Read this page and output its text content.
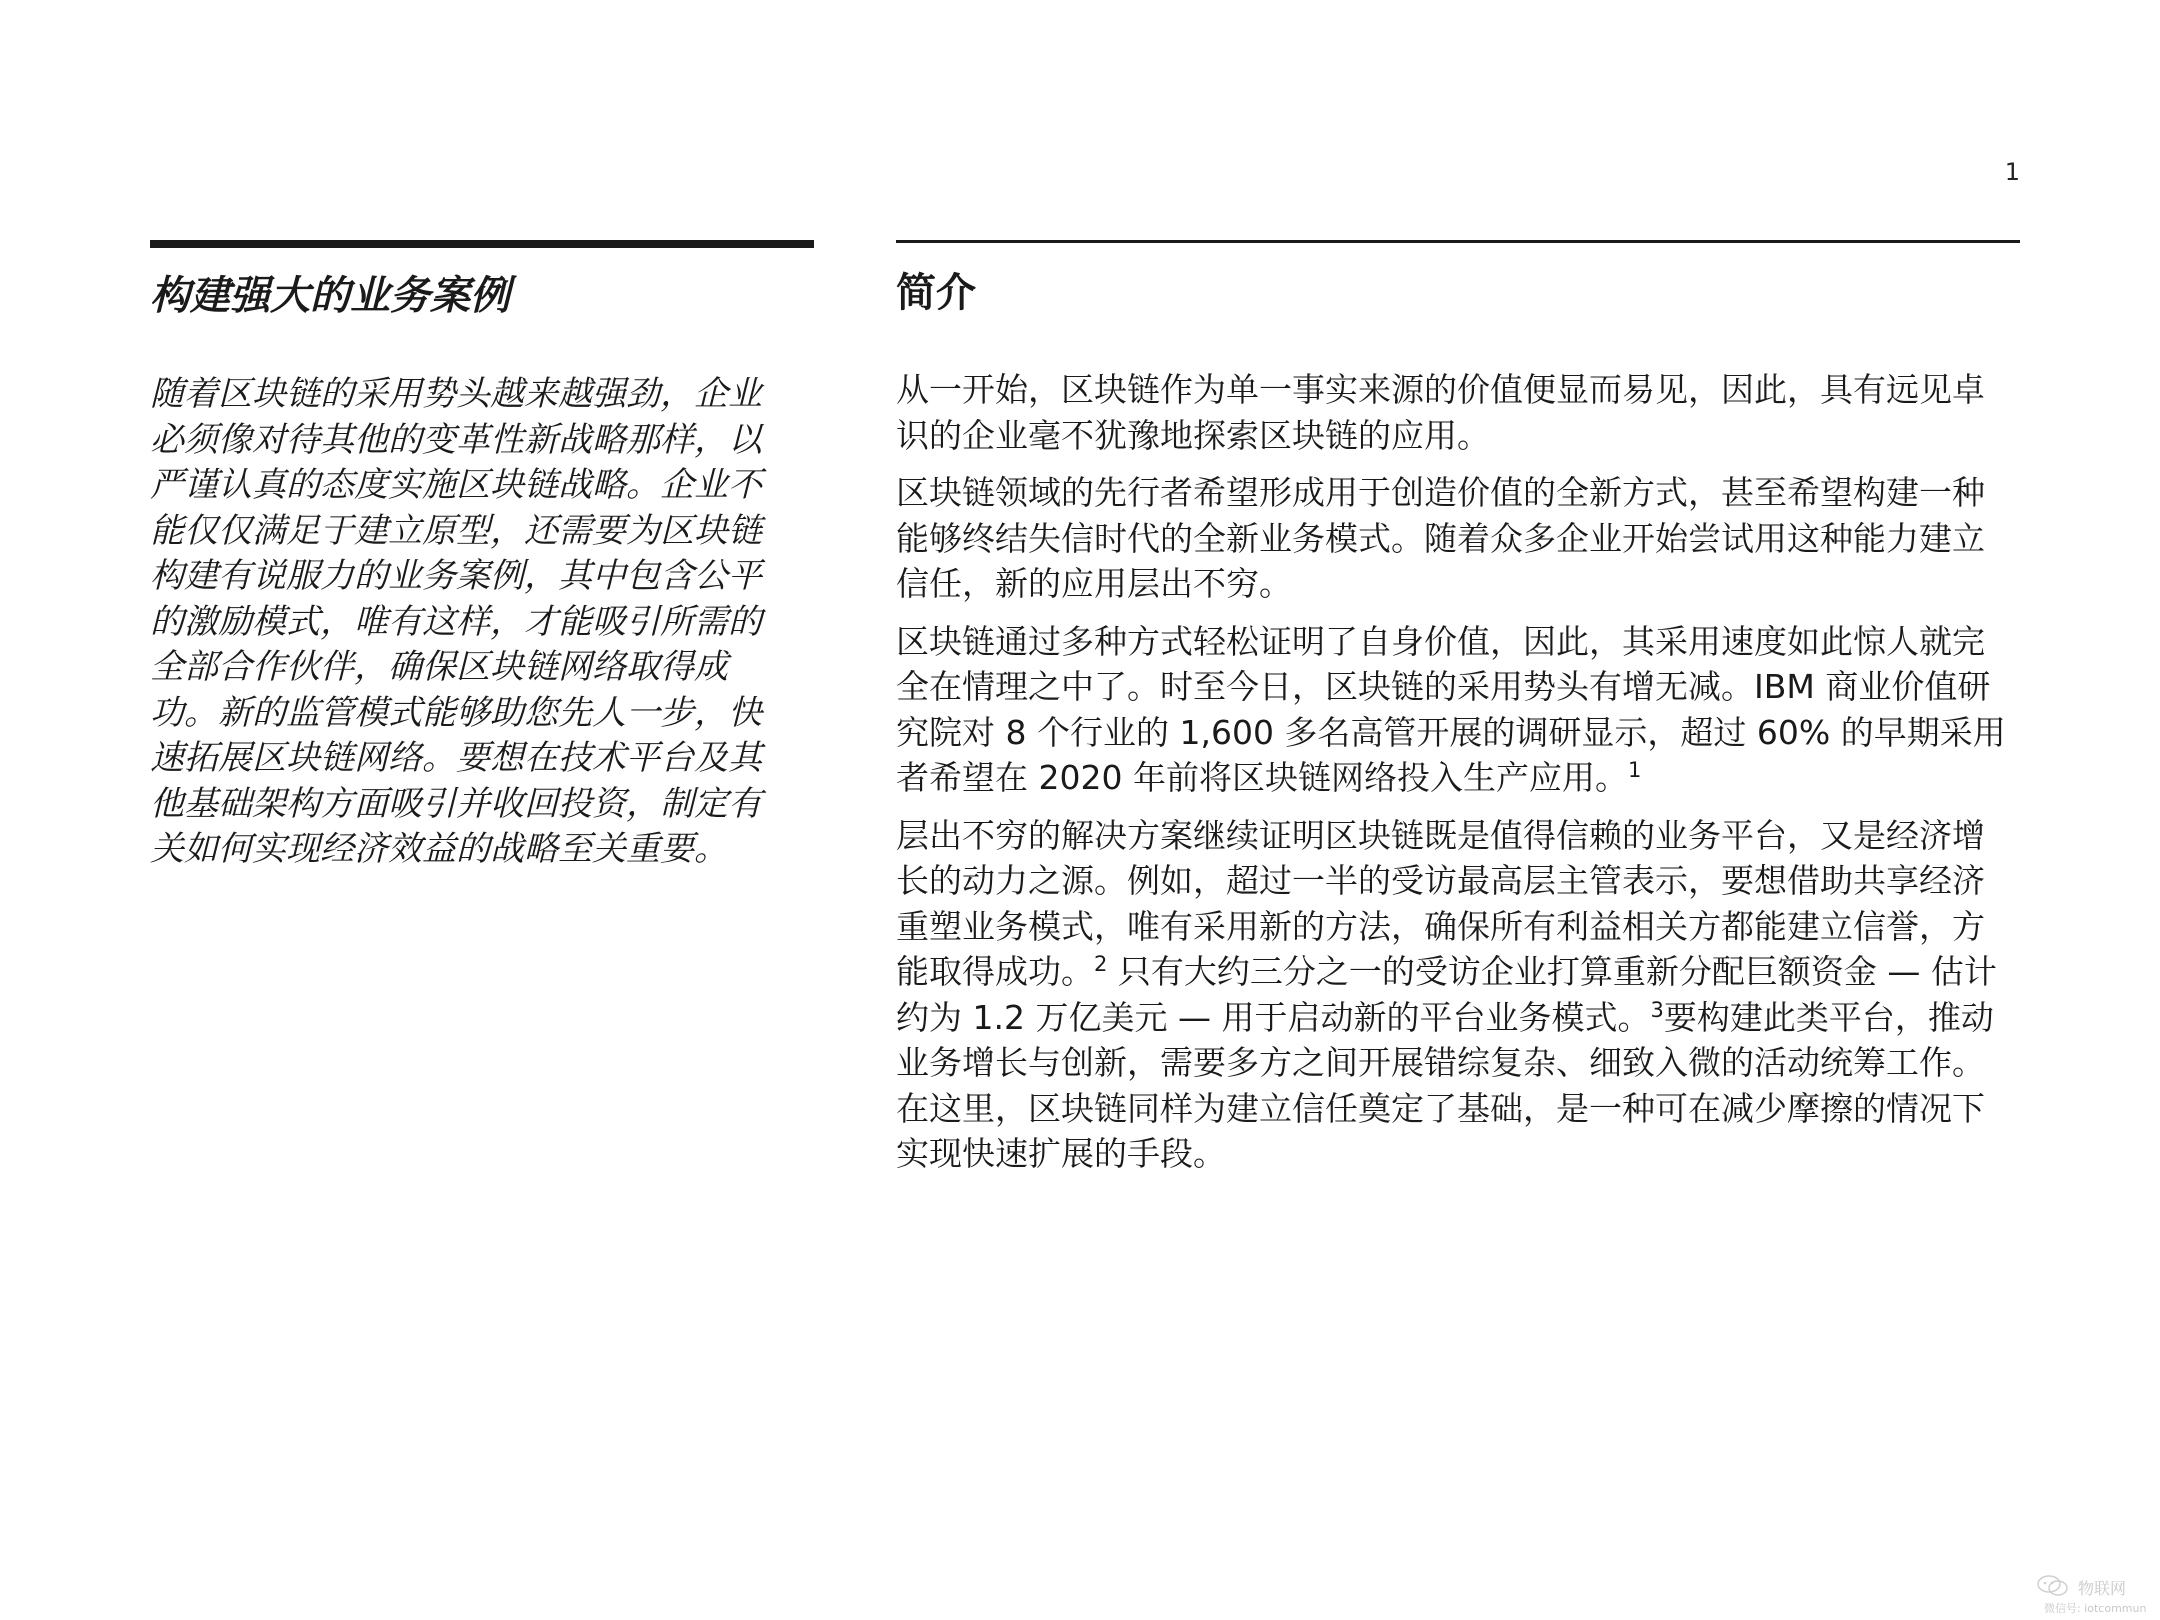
1
构建强大的业务案例

随着区块链的采用势头越来越强劲，企业必须像对待其他的变革性新战略那样，以严谨认真的态度实施区块链战略。企业不能仅仅满足于建立原型，还需要为区块链构建有说服力的业务案例，其中包含公平的激励模式，唯有这样，才能吸引所需的全部合作伙伴，确保区块链网络取得成功。新的监管模式能够助您先人一步，快速拓展区块链网络。要想在技术平台及其他基础架构方面吸引并收回投资，制定有关如何实现经济效益的战略至关重要。

简介

从一开始，区块链作为单一事实来源的价值便显而易见，因此，具有远见卓识的企业毫不犹豫地探索区块链的应用。

区块链领域的先行者希望形成用于创造价值的全新方式，甚至希望构建一种能够终结失信时代的全新业务模式。随着众多企业开始尝试用这种能力建立信任，新的应用层出不穷。

区块链通过多种方式轻松证明了自身价值，因此，其采用速度如此惊人就完全在情理之中了。时至今日，区块链的采用势头有增无减。IBM 商业价值研究院对 8 个行业的 1,600 多名高管开展的调研显示，超过 60% 的早期采用者希望在 2020 年前将区块链网络投入生产应用。$^1$

层出不穷的解决方案继续证明区块链既是值得信赖的业务平台，又是经济增长的动力之源。例如，超过一半的受访最高层主管表示，要想借助共享经济重塑业务模式，唯有采用新的方法，确保所有利益相关方都能建立信誉，方能取得成功。$^2$ 只有大约三分之一的受访企业打算重新分配巨额资金 — 估计约为 1.2 万亿美元 — 用于启动新的平台业务模式。$^3$要构建此类平台，推动业务增长与创新，需要多方之间开展错综复杂、细致入微的活动统筹工作。在这里，区块链同样为建立信任奠定了基础，是一种可在减少摩擦的情况下实现快速扩展的手段。

物联网
微信号: iotcommun
